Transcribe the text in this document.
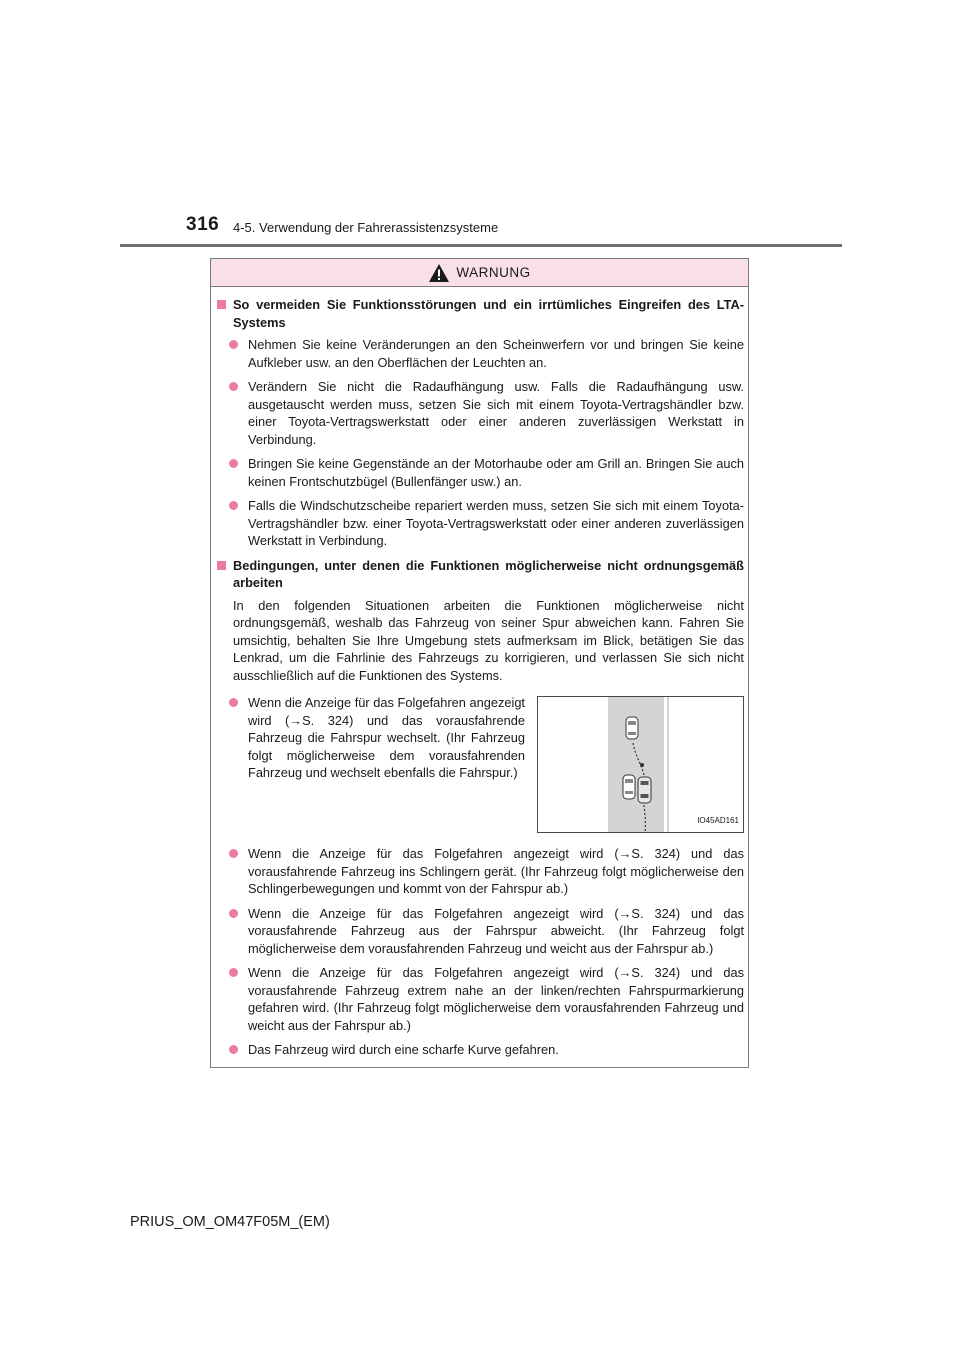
316 4-5. Verwendung der Fahrerassistenzsysteme
WARNUNG
So vermeiden Sie Funktionsstörungen und ein irrtümliches Eingreifen des LTA-Systems
Nehmen Sie keine Veränderungen an den Scheinwerfern vor und bringen Sie keine Aufkleber usw. an den Oberflächen der Leuchten an.
Verändern Sie nicht die Radaufhängung usw. Falls die Radaufhängung usw. ausgetauscht werden muss, setzen Sie sich mit einem Toyota-Vertragshändler bzw. einer Toyota-Vertragswerkstatt oder einer anderen zuverlässigen Werkstatt in Verbindung.
Bringen Sie keine Gegenstände an der Motorhaube oder am Grill an. Bringen Sie auch keinen Frontschutzbügel (Bullenfänger usw.) an.
Falls die Windschutzscheibe repariert werden muss, setzen Sie sich mit einem Toyota-Vertragshändler bzw. einer Toyota-Vertragswerkstatt oder einer anderen zuverlässigen Werkstatt in Verbindung.
Bedingungen, unter denen die Funktionen möglicherweise nicht ordnungsgemäß arbeiten
In den folgenden Situationen arbeiten die Funktionen möglicherweise nicht ordnungsgemäß, weshalb das Fahrzeug von seiner Spur abweichen kann. Fahren Sie umsichtig, behalten Sie Ihre Umgebung stets aufmerksam im Blick, betätigen Sie das Lenkrad, um die Fahrlinie des Fahrzeugs zu korrigieren, und verlassen Sie sich nicht ausschließlich auf die Funktionen des Systems.
Wenn die Anzeige für das Folgefahren angezeigt wird (→S. 324) und das vorausfahrende Fahrzeug die Fahrspur wechselt. (Ihr Fahrzeug folgt möglicherweise dem vorausfahrenden Fahrzeug und wechselt ebenfalls die Fahrspur.)
IO45AD161
Wenn die Anzeige für das Folgefahren angezeigt wird (→S. 324) und das vorausfahrende Fahrzeug ins Schlingern gerät. (Ihr Fahrzeug folgt möglicherweise den Schlingerbewegungen und kommt von der Fahrspur ab.)
Wenn die Anzeige für das Folgefahren angezeigt wird (→S. 324) und das vorausfahrende Fahrzeug aus der Fahrspur abweicht. (Ihr Fahrzeug folgt möglicherweise dem vorausfahrenden Fahrzeug und weicht aus der Fahrspur ab.)
Wenn die Anzeige für das Folgefahren angezeigt wird (→S. 324) und das vorausfahrende Fahrzeug extrem nahe an der linken/rechten Fahrspurmarkierung gefahren wird. (Ihr Fahrzeug folgt möglicherweise dem vorausfahrenden Fahrzeug und weicht aus der Fahrspur ab.)
Das Fahrzeug wird durch eine scharfe Kurve gefahren.
PRIUS_OM_OM47F05M_(EM)
